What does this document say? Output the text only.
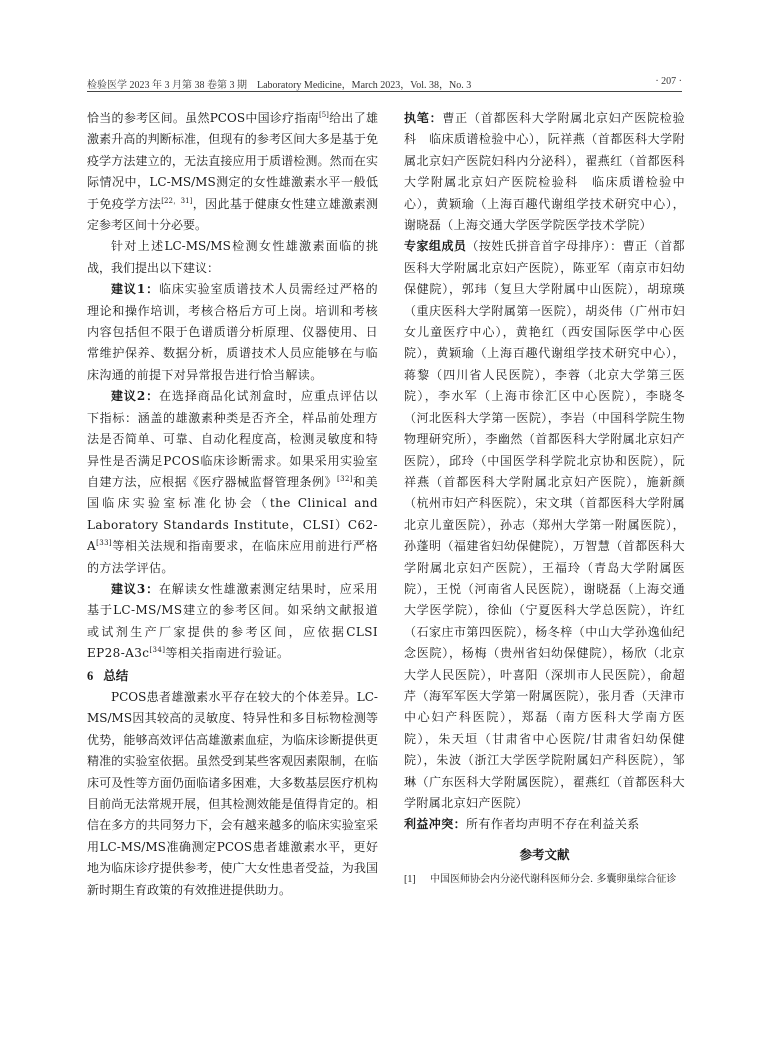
检验医学 2023 年 3 月第 38 卷第 3 期　Laboratory Medicine，March 2023，Vol. 38，No. 3	· 207 ·

恰当的参考区间。虽然PCOS中国诊疗指南[5]给出了雄激素升高的判断标准，但现有的参考区间大多是基于免疫学方法建立的，无法直接应用于质谱检测。然而在实际情况中，LC-MS/MS测定的女性雄激素水平一般低于免疫学方法[22，31]，因此基于健康女性建立雄激素测定参考区间十分必要。

针对上述LC-MS/MS检测女性雄激素面临的挑战，我们提出以下建议：

建议1：临床实验室质谱技术人员需经过严格的理论和操作培训，考核合格后方可上岗。培训和考核内容包括但不限于色谱质谱分析原理、仪器使用、日常维护保养、数据分析，质谱技术人员应能够在与临床沟通的前提下对异常报告进行恰当解读。

建议2：在选择商品化试剂盒时，应重点评估以下指标：涵盖的雄激素种类是否齐全，样品前处理方法是否简单、可靠、自动化程度高，检测灵敏度和特异性是否满足PCOS临床诊断需求。如果采用实验室自建方法，应根据《医疗器械监督管理条例》[32]和美国临床实验室标准化协会（the Clinical and Laboratory Standards Institute，CLSI）C62-A[33]等相关法规和指南要求，在临床应用前进行严格的方法学评估。

建议3：在解读女性雄激素测定结果时，应采用基于LC-MS/MS建立的参考区间。如采纳文献报道或试剂生产厂家提供的参考区间，应依据CLSI EP28-A3c[34]等相关指南进行验证。

6 总结

PCOS患者雄激素水平存在较大的个体差异。LC-MS/MS因其较高的灵敏度、特异性和多目标物检测等优势，能够高效评估高雄激素血症，为临床诊断提供更精准的实验室依据。虽然受到某些客观因素限制，在临床可及性等方面仍面临诸多困难，大多数基层医疗机构目前尚无法常规开展，但其检测效能是值得肯定的。相信在多方的共同努力下，会有越来越多的临床实验室采用LC-MS/MS准确测定PCOS患者雄激素水平，更好地为临床诊疗提供参考，使广大女性患者受益，为我国新时期生育政策的有效推进提供助力。

执笔：曹正（首都医科大学附属北京妇产医院检验科　临床质谱检验中心），阮祥燕（首都医科大学附属北京妇产医院妇科内分泌科），翟燕红（首都医科大学附属北京妇产医院检验科　临床质谱检验中心），黄颖瑜（上海百趣代谢组学技术研究中心），谢晓磊（上海交通大学医学院医学技术学院）

专家组成员（按姓氏拼音首字母排序）：曹正（首都医科大学附属北京妇产医院），陈亚军（南京市妇幼保健院），郭玮（复旦大学附属中山医院），胡琼瑛（重庆医科大学附属第一医院），胡炎伟（广州市妇女儿童医疗中心），黄艳红（西安国际医学中心医院），黄颖瑜（上海百趣代谢组学技术研究中心），蒋黎（四川省人民医院），李蓉（北京大学第三医院），李水军（上海市徐汇区中心医院），李晓冬（河北医科大学第一医院），李岩（中国科学院生物物理研究所），李幽然（首都医科大学附属北京妇产医院），邱玲（中国医学科学院北京协和医院），阮祥燕（首都医科大学附属北京妇产医院），施新颜（杭州市妇产科医院），宋文琪（首都医科大学附属北京儿童医院），孙志（郑州大学第一附属医院），孙蓬明（福建省妇幼保健院），万智慧（首都医科大学附属北京妇产医院），王福玲（青岛大学附属医院），王悦（河南省人民医院），谢晓磊（上海交通大学医学院），徐仙（宁夏医科大学总医院），许红（石家庄市第四医院），杨冬梓（中山大学孙逸仙纪念医院），杨梅（贵州省妇幼保健院），杨欣（北京大学人民医院），叶喜阳（深圳市人民医院），俞超芹（海军军医大学第一附属医院），张月香（天津市中心妇产科医院），郑磊（南方医科大学南方医院），朱天垣（甘肃省中心医院/甘肃省妇幼保健院），朱波（浙江大学医学院附属妇产科医院），邹琳（广东医科大学附属医院），翟燕红（首都医科大学附属北京妇产医院）

利益冲突：所有作者均声明不存在利益关系

参考文献
[1]	中国医师协会内分泌代谢科医师分会. 多囊卵巢综合征诊
